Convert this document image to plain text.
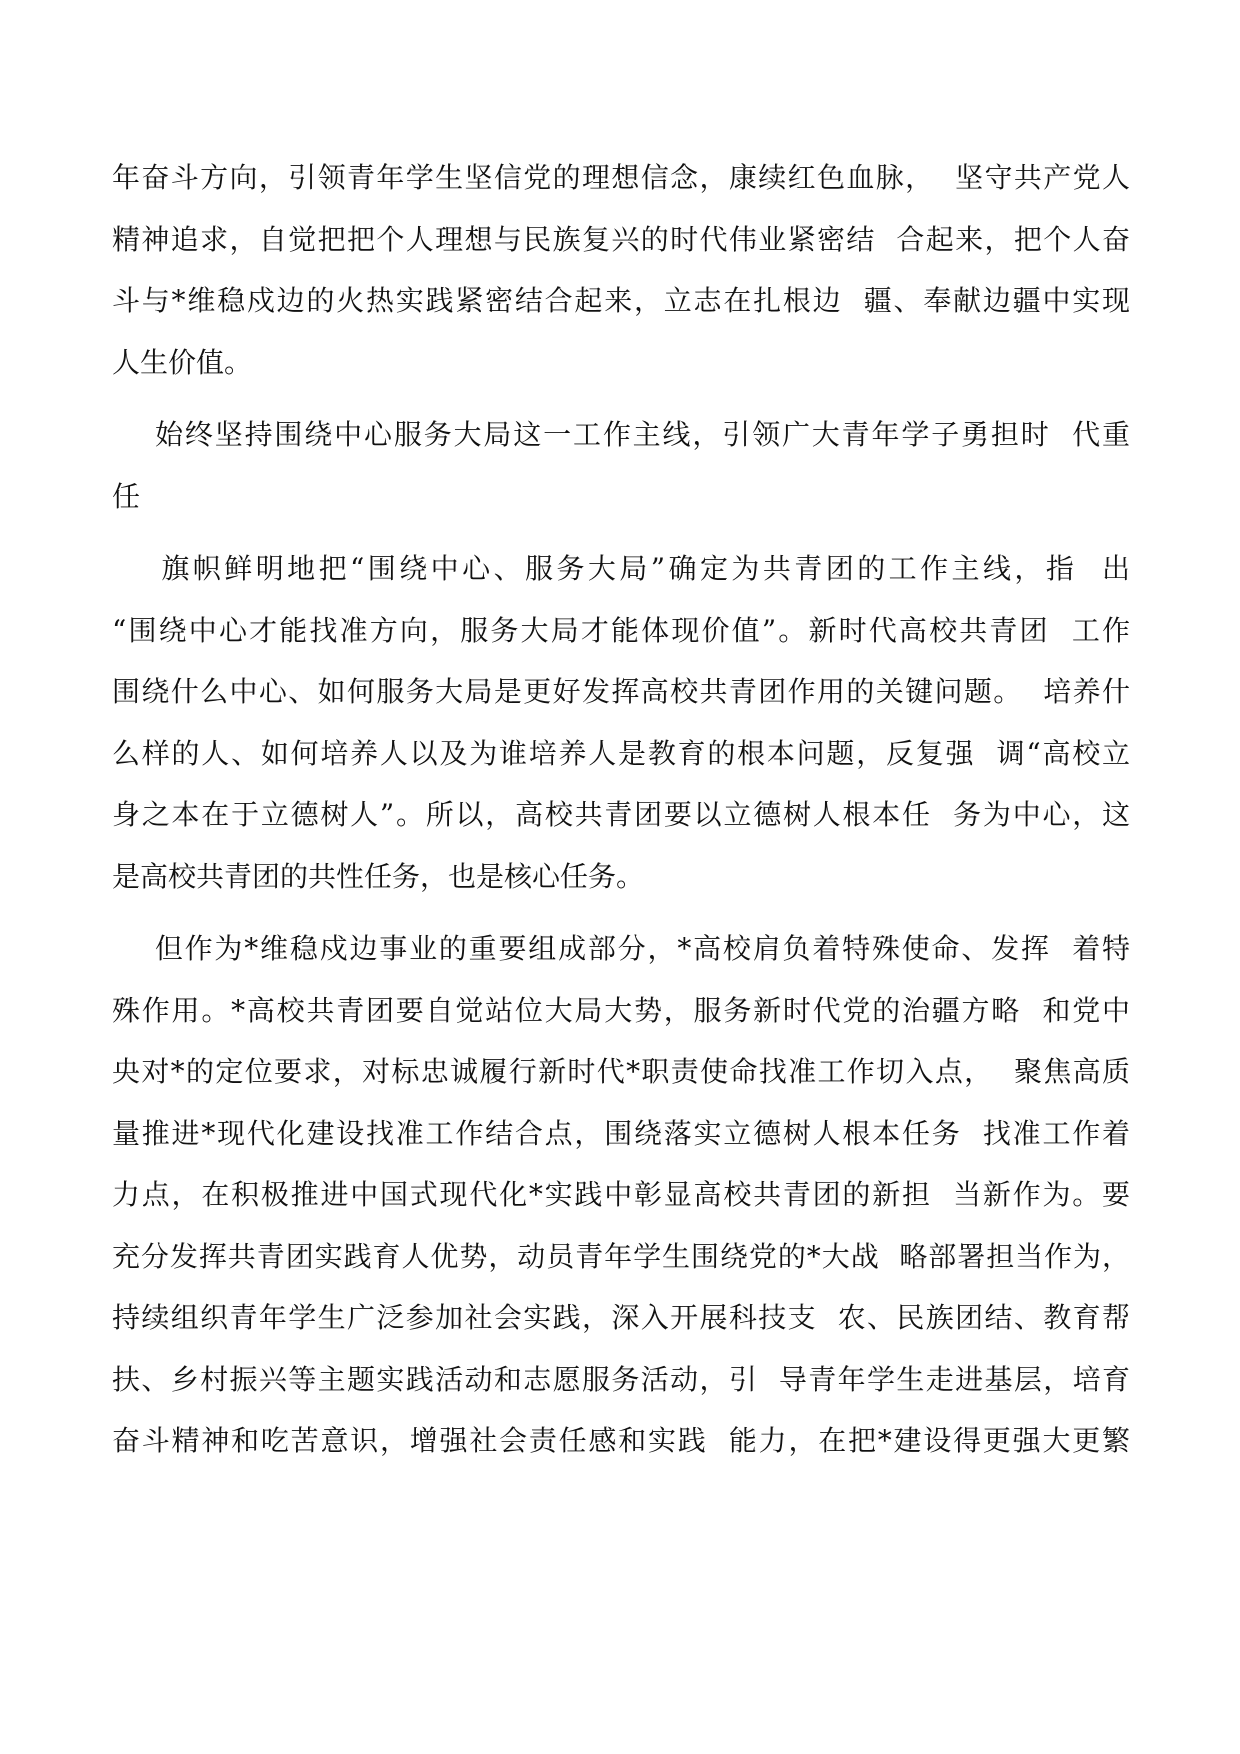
年奋斗方向，引领青年学生坚信党的理想信念，康续红色血脉，  坚守共产党人
精神追求，自觉把把个人理想与民族复兴的时代伟业紧密结  合起来，把个人奋
斗与*维稳戍边的火热实践紧密结合起来，立志在扎根边  疆、奉献边疆中实现
人生价值。
始终坚持围绕中心服务大局这一工作主线，引领广大青年学子勇担时  代重
任
旗帜鲜明地把“围绕中心、服务大局”确定为共青团的工作主线，指  出
“围绕中心才能找准方向，服务大局才能体现价值”。新时代高校共青团  工作
围绕什么中心、如何服务大局是更好发挥高校共青团作用的关键问题。  培养什
么样的人、如何培养人以及为谁培养人是教育的根本问题，反复强  调“高校立
身之本在于立德树人”。所以，高校共青团要以立德树人根本任  务为中心，这
是高校共青团的共性任务，也是核心任务。
但作为*维稳戍边事业的重要组成部分，*高校肩负着特殊使命、发挥  着特
殊作用。*高校共青团要自觉站位大局大势，服务新时代党的治疆方略  和党中
央对*的定位要求，对标忠诚履行新时代*职责使命找准工作切入点，  聚焦高质
量推进*现代化建设找准工作结合点，围绕落实立德树人根本任务  找准工作着
力点，在积极推进中国式现代化*实践中彰显高校共青团的新担  当新作为。要
充分发挥共青团实践育人优势，动员青年学生围绕党的*大战  略部署担当作为，
持续组织青年学生广泛参加社会实践，深入开展科技支  农、民族团结、教育帮
扶、乡村振兴等主题实践活动和志愿服务活动，引  导青年学生走进基层，培育
奋斗精神和吃苦意识，增强社会责任感和实践  能力，在把*建设得更强大更繁
